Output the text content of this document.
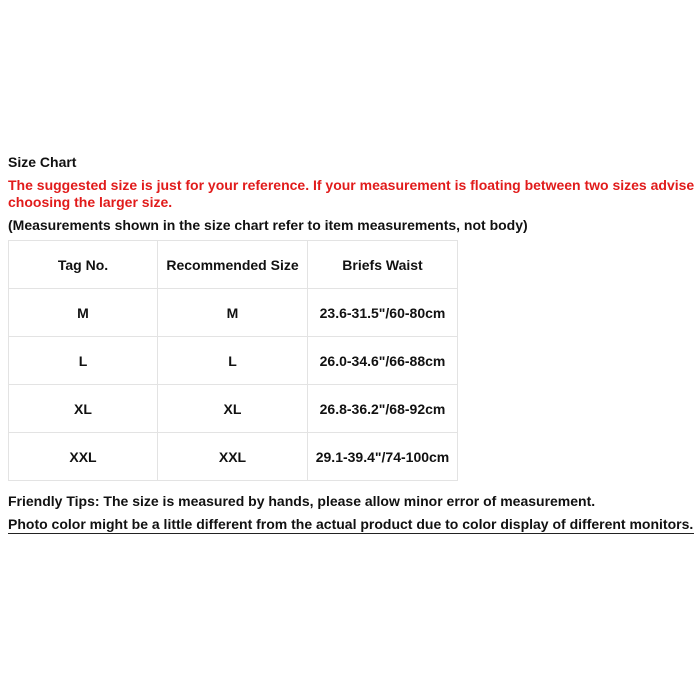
Size Chart
The suggested size is just for your reference. If your measurement is floating between two sizes advise choosing the larger size.
(Measurements shown in the size chart refer to item measurements, not body)
Tag No.	Recommended Size	Briefs Waist
M	M	23.6-31.5"/60-80cm
L	L	26.0-34.6"/66-88cm
XL	XL	26.8-36.2"/68-92cm
XXL	XXL	29.1-39.4"/74-100cm
Friendly Tips: The size is measured by hands, please allow minor error of measurement.
Photo color might be a little different from the actual product due to color display of different monitors.
